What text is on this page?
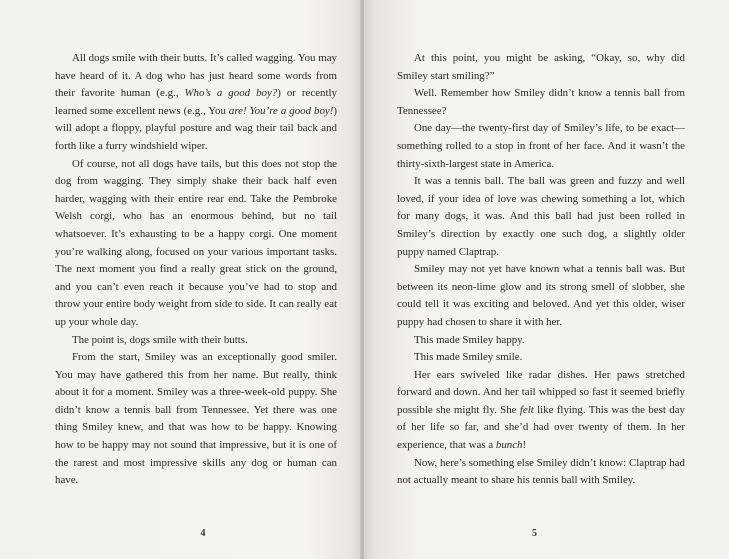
All dogs smile with their butts. It’s called wagging. You may have heard of it. A dog who has just heard some words from their favorite human (e.g., Who’s a good boy?) or recently learned some excellent news (e.g., You are! You’re a good boy!) will adopt a floppy, playful posture and wag their tail back and forth like a furry windshield wiper.

Of course, not all dogs have tails, but this does not stop the dog from wagging. They simply shake their back half even harder, wagging with their entire rear end. Take the Pembroke Welsh corgi, who has an enormous behind, but no tail whatsoever. It’s exhausting to be a happy corgi. One moment you’re walking along, focused on your various important tasks. The next moment you find a really great stick on the ground, and you can’t even reach it because you’ve had to stop and throw your entire body weight from side to side. It can really eat up your whole day.

The point is, dogs smile with their butts.

From the start, Smiley was an exceptionally good smiler. You may have gathered this from her name. But really, think about it for a moment. Smiley was a three-week-old puppy. She didn’t know a tennis ball from Tennessee. Yet there was one thing Smiley knew, and that was how to be happy. Knowing how to be happy may not sound that impressive, but it is one of the rarest and most impressive skills any dog or human can have.

4

At this point, you might be asking, “Okay, so, why did Smiley start smiling?”

Well. Remember how Smiley didn’t know a tennis ball from Tennessee?

One day—the twenty-first day of Smiley’s life, to be exact—something rolled to a stop in front of her face. And it wasn’t the thirty-sixth-largest state in America.

It was a tennis ball. The ball was green and fuzzy and well loved, if your idea of love was chewing something a lot, which for many dogs, it was. And this ball had just been rolled in Smiley’s direction by exactly one such dog, a slightly older puppy named Claptrap.

Smiley may not yet have known what a tennis ball was. But between its neon-lime glow and its strong smell of slobber, she could tell it was exciting and beloved. And yet this older, wiser puppy had chosen to share it with her.

This made Smiley happy.

This made Smiley smile.

Her ears swiveled like radar dishes. Her paws stretched forward and down. And her tail whipped so fast it seemed briefly possible she might fly. She felt like flying. This was the best day of her life so far, and she’d had over twenty of them. In her experience, that was a bunch!

Now, here’s something else Smiley didn’t know: Claptrap had not actually meant to share his tennis ball with Smiley.

5
